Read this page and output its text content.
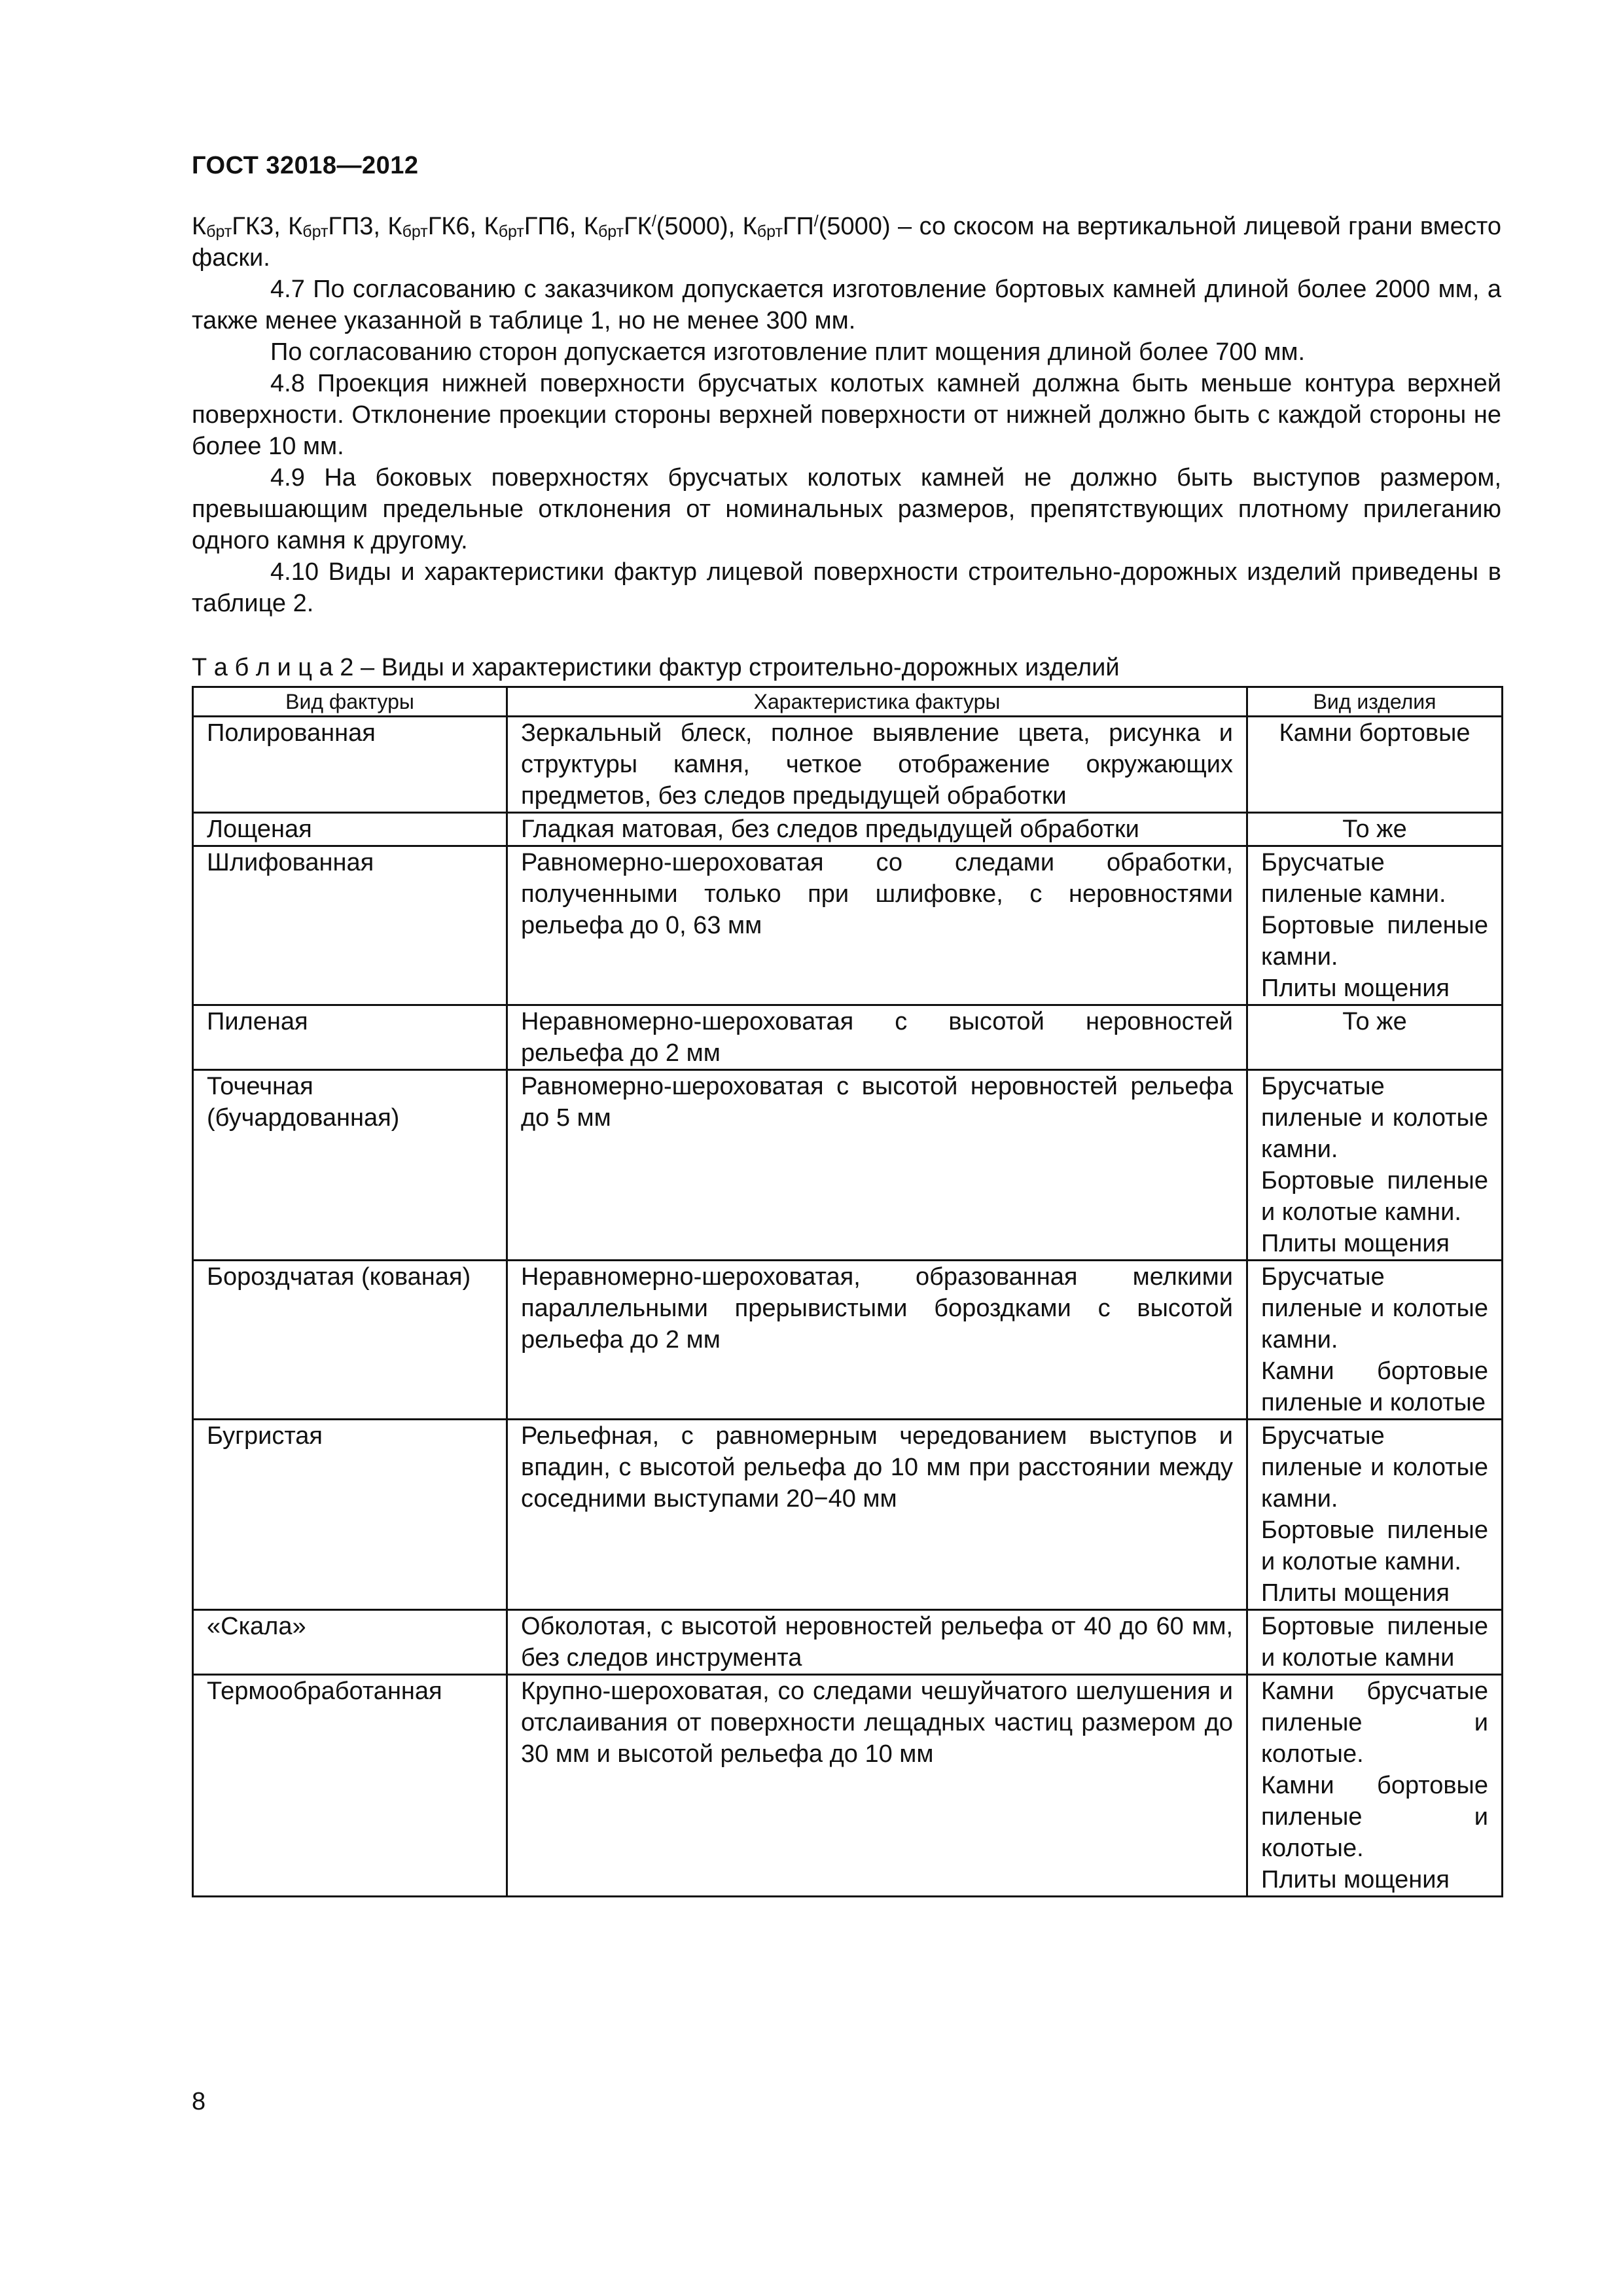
ГОСТ 32018—2012

$К_{брт}ГК3$, $К_{брт}ГП3$, $К_{брт}ГК6$, $К_{брт}ГП6$, $К_{брт}ГК^/(5000)$, $К_{брт}ГП^/(5000)$ – со скосом на вертикальной лицевой грани вместо фаски.

4.7 По согласованию с заказчиком допускается изготовление бортовых камней длиной более 2000 мм, а также менее указанной в таблице 1, но не менее 300 мм.

По согласованию сторон допускается изготовление плит мощения длиной более 700 мм.

4.8 Проекция нижней поверхности брусчатых колотых камней должна быть меньше контура верхней поверхности. Отклонение проекции стороны верхней поверхности от нижней должно быть с каждой стороны не более 10 мм.

4.9 На боковых поверхностях брусчатых колотых камней не должно быть выступов размером, превышающим предельные отклонения от номинальных размеров, препятствующих плотному прилеганию одного камня к другому.

4.10 Виды и характеристики фактур лицевой поверхности строительно-дорожных изделий приведены в таблице 2.

Т а б л и ц а 2 – Виды и характеристики фактур строительно-дорожных изделий
Вид фактуры	Характеристика фактуры	Вид изделия
Полированная	Зеркальный блеск, полное выявление цвета, рисунка и структуры камня, четкое отображение окружающих предметов, без следов предыдущей обработки	Камни бортовые

Лощеная	Гладкая матовая, без следов предыдущей обработки	То же

Шлифованная	Равномерно-шероховатая со следами обработки, полученными только при шлифовке, с неровностями рельефа до 0, 63 мм	Брусчатые пиленые камни.
Бортовые пиленые камни.
Плиты мощения

Пиленая	Неравномерно-шероховатая с высотой неровностей рельефа до 2 мм	То же

Точечная (бучардованная)	Равномерно-шероховатая с высотой неровностей рельефа до 5 мм	Брусчатые пиленые и колотые камни.
Бортовые пиленые и колотые камни.
Плиты мощения

Бороздчатая (кованая)	Неравномерно-шероховатая, образованная мелкими параллельными прерывистыми бороздками с высотой рельефа до 2 мм	Брусчатые пиленые и колотые камни.
Камни бортовые пиленые и колотые

Бугристая	Рельефная, с равномерным чередованием выступов и впадин, с высотой рельефа до 10 мм при расстоянии между соседними выступами 20−40 мм	Брусчатые пиленые и колотые камни.
Бортовые пиленые и колотые камни.
Плиты мощения

«Скала»	Обколотая, с высотой неровностей рельефа от 40 до 60 мм, без следов инструмента	Бортовые пиленые и колотые камни

Термообработанная	Крупно-шероховатая, со следами чешуйчатого шелушения и отслаивания от поверхности лещадных частиц размером до 30 мм и высотой рельефа до 10 мм	Камни брусчатые пиленые и колотые.
Камни бортовые пиленые и колотые.
Плиты мощения
8
